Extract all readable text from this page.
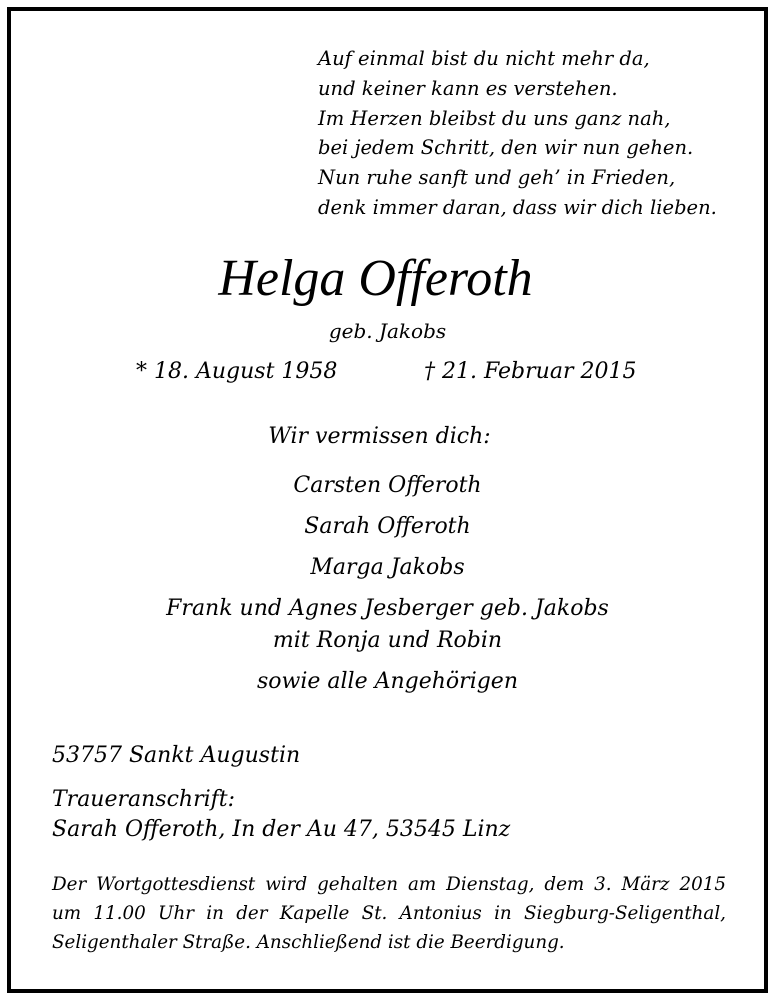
Auf einmal bist du nicht mehr da,
und keiner kann es verstehen.
Im Herzen bleibst du uns ganz nah,
bei jedem Schritt, den wir nun gehen.
Nun ruhe sanft und geh’ in Frieden,
denk immer daran, dass wir dich lieben.
Helga Offeroth
geb. Jakobs
* 18. August 1958	† 21. Februar 2015
Wir vermissen dich:
Carsten Offeroth
Sarah Offeroth
Marga Jakobs
Frank und Agnes Jesberger geb. Jakobs
mit Ronja und Robin
sowie alle Angehörigen
53757 Sankt Augustin
Traueranschrift:
Sarah Offeroth, In der Au 47, 53545 Linz
Der Wortgottesdienst wird gehalten am Dienstag, dem 3. März 2015
um 11.00 Uhr in der Kapelle St. Antonius in Siegburg-Seligenthal,
Seligenthaler Straße. Anschließend ist die Beerdigung.
